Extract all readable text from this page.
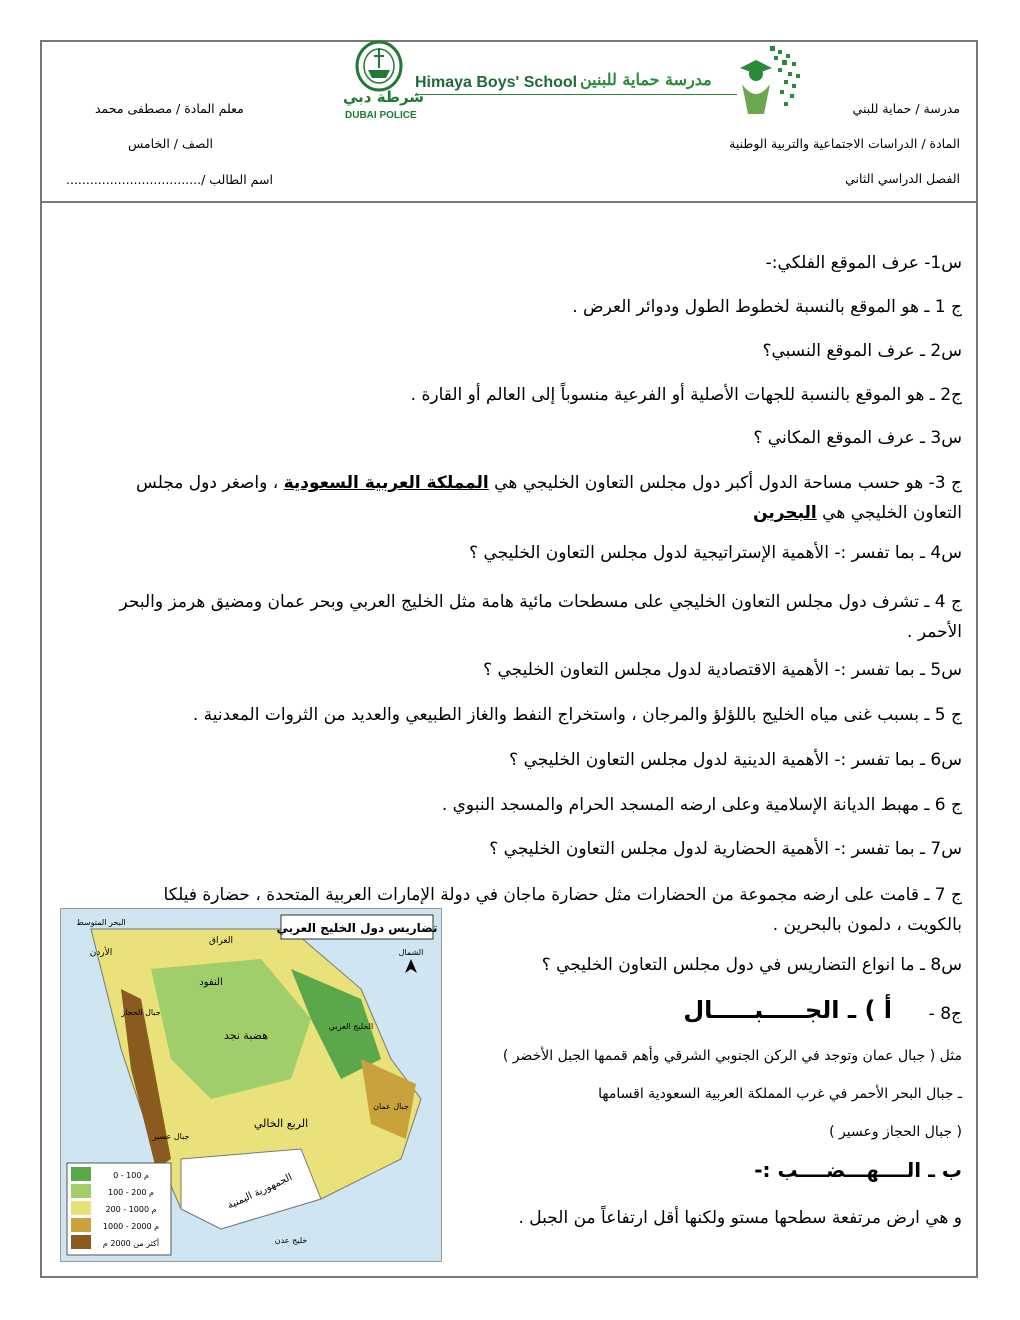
مدرسة / حماية للبني
المادة / الدراسات الاجتماعية والتربية الوطنية
الفصل الدراسي الثاني
معلم المادة / مصطفى محمد
الصف / الخامس
اسم الطالب /..................................
مدرسة حماية للبنين
Himaya Boys' School
شرطة دبي
DUBAI POLICE
س1- عرف الموقع الفلكي:-
ج 1 ـ هو الموقع بالنسبة لخطوط الطول ودوائر العرض .
س2 ـ عرف الموقع النسبي؟
ج2 ـ هو الموقع بالنسبة للجهات الأصلية أو الفرعية منسوباً إلى العالم أو القارة .
س3 ـ عرف الموقع المكاني ؟
ج 3- هو حسب مساحة الدول أكبر دول مجلس التعاون الخليجي هي المملكة العربية السعودية ، واصغر دول مجلس التعاون الخليجي هي البحرين
س4 ـ بما تفسر :- الأهمية الإستراتيجية لدول مجلس التعاون الخليجي ؟
ج 4 ـ تشرف دول مجلس التعاون الخليجي على مسطحات مائية هامة مثل الخليج العربي وبحر عمان ومضيق هرمز والبحر الأحمر .
س5 ـ بما تفسر :- الأهمية الاقتصادية لدول مجلس التعاون الخليجي ؟
ج 5 ـ بسبب غنى مياه الخليج باللؤلؤ والمرجان ، واستخراج النفط والغاز الطبيعي والعديد من الثروات المعدنية .
س6 ـ بما تفسر :- الأهمية الدينية لدول مجلس التعاون الخليجي ؟
ج 6 ـ مهبط الديانة الإسلامية وعلى ارضه المسجد الحرام والمسجد النبوي .
س7 ـ بما تفسر :- الأهمية الحضارية لدول مجلس التعاون الخليجي ؟
ج 7 ـ قامت على ارضه مجموعة من الحضارات مثل حضارة ماجان في دولة الإمارات العربية المتحدة ، حضارة فيلكا بالكويت ، دلمون بالبحرين .
س8 ـ ما انواع التضاريس في دول مجلس التعاون الخليجي ؟
ج8 -
أ ) ـ الجـــــبـــــال
مثل ( جبال عمان وتوجد في الركن الجنوبي الشرقي وأهم قممها الجبل الأخضر )
ـ جبال البحر الأحمر في غرب المملكة العربية السعودية اقسامها
( جبال الحجاز وعسير )
ب ـ الــــهـــضــــب :-
و هي ارض مرتفعة سطحها مستو ولكنها أقل ارتفاعاً من الجبل .
تضاريس دول الخليج العربي
البحر المتوسط
الأردن
العراق
النفود
جبال الحجاز
هضبة نجد
الربع الخالي
جبال عمان
الجمهورية اليمنية
جبال عسير
الخليج العربي
خليج عدن
الشمال
0 - 100 م
100 - 200 م
200 - 1000 م
1000 - 2000 م
أكثر من 2000 م
